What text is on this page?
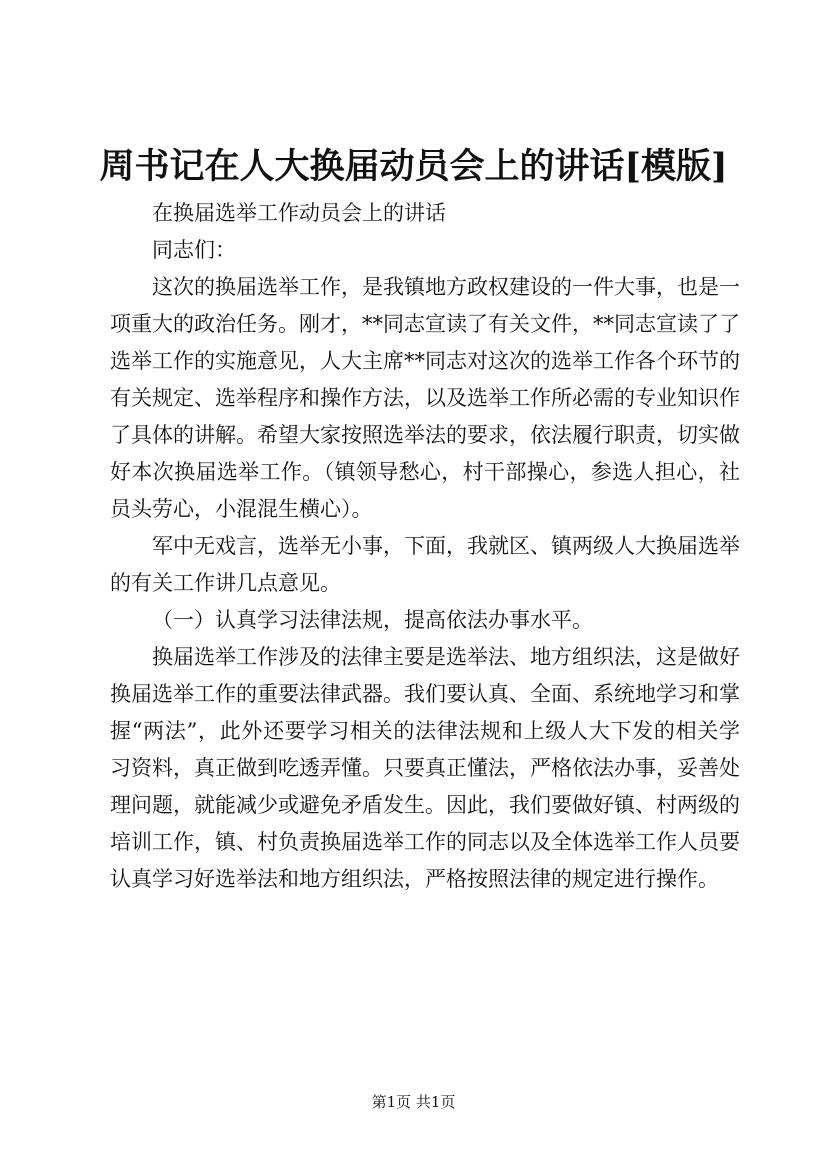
周书记在人大换届动员会上的讲话[模版]

在换届选举工作动员会上的讲话

同志们：

这次的换届选举工作，是我镇地方政权建设的一件大事，也是一项重大的政治任务。刚才，**同志宣读了有关文件，**同志宣读了了选举工作的实施意见，人大主席**同志对这次的选举工作各个环节的有关规定、选举程序和操作方法，以及选举工作所必需的专业知识作了具体的讲解。希望大家按照选举法的要求，依法履行职责，切实做好本次换届选举工作。（镇领导愁心，村干部操心，参选人担心，社员头劳心，小混混生横心）。

军中无戏言，选举无小事，下面，我就区、镇两级人大换届选举的有关工作讲几点意见。

（一）认真学习法律法规，提高依法办事水平。

换届选举工作涉及的法律主要是选举法、地方组织法，这是做好换届选举工作的重要法律武器。我们要认真、全面、系统地学习和掌握“两法”，此外还要学习相关的法律法规和上级人大下发的相关学习资料，真正做到吃透弄懂。只要真正懂法，严格依法办事，妥善处理问题，就能减少或避免矛盾发生。因此，我们要做好镇、村两级的培训工作，镇、村负责换届选举工作的同志以及全体选举工作人员要认真学习好选举法和地方组织法，严格按照法律的规定进行操作。

第1页 共1页
